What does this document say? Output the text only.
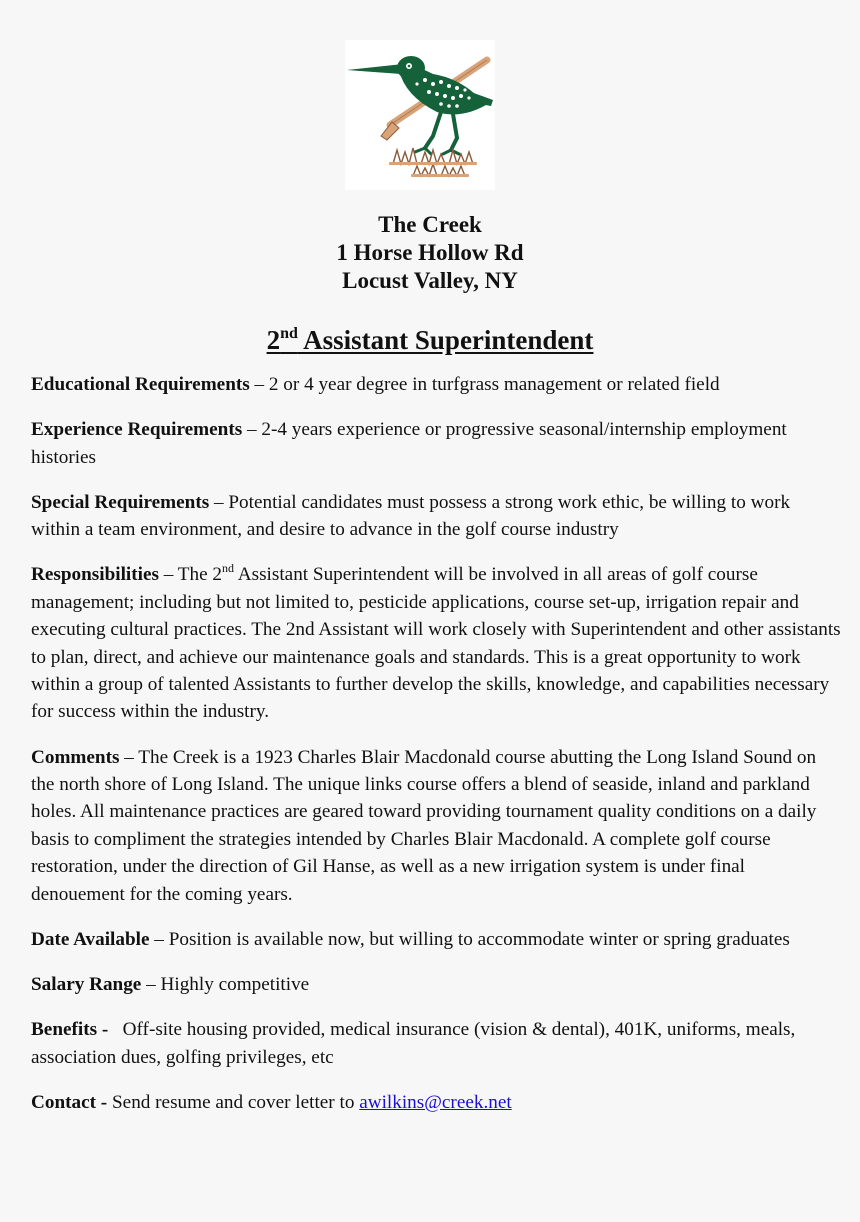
The Creek
1 Horse Hollow Rd
Locust Valley, NY
2nd Assistant Superintendent

Educational Requirements – 2 or 4 year degree in turfgrass management or related field

Experience Requirements – 2-4 years experience or progressive seasonal/internship employment histories

Special Requirements – Potential candidates must possess a strong work ethic, be willing to work within a team environment, and desire to advance in the golf course industry

Responsibilities – The 2nd Assistant Superintendent will be involved in all areas of golf course management; including but not limited to, pesticide applications, course set-up, irrigation repair and executing cultural practices. The 2nd Assistant will work closely with Superintendent and other assistants to plan, direct, and achieve our maintenance goals and standards. This is a great opportunity to work within a group of talented Assistants to further develop the skills, knowledge, and capabilities necessary for success within the industry.

Comments – The Creek is a 1923 Charles Blair Macdonald course abutting the Long Island Sound on the north shore of Long Island. The unique links course offers a blend of seaside, inland and parkland holes. All maintenance practices are geared toward providing tournament quality conditions on a daily basis to compliment the strategies intended by Charles Blair Macdonald. A complete golf course restoration, under the direction of Gil Hanse, as well as a new irrigation system is under final denouement for the coming years.

Date Available – Position is available now, but willing to accommodate winter or spring graduates

Salary Range – Highly competitive

Benefits -   Off-site housing provided, medical insurance (vision & dental), 401K, uniforms, meals, association dues, golfing privileges, etc

Contact - Send resume and cover letter to awilkins@creek.net
